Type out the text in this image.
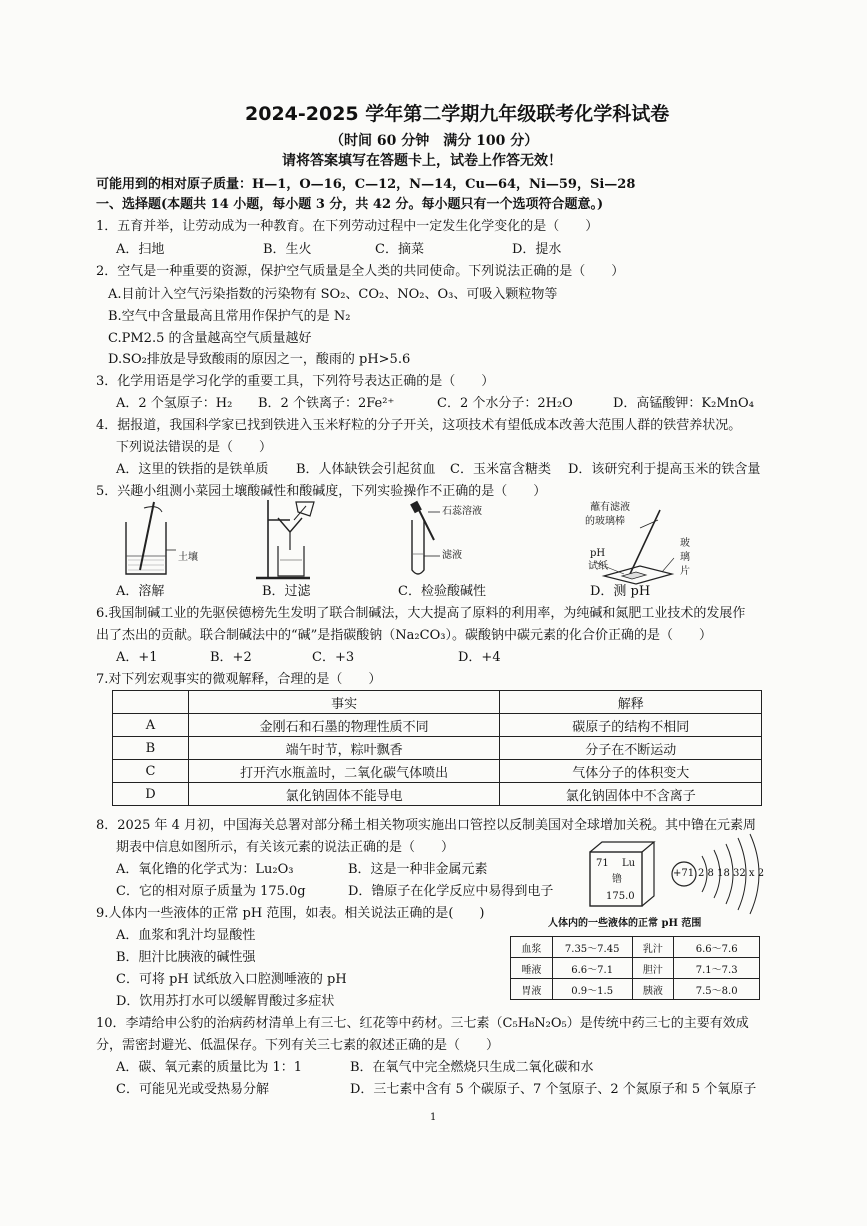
2024-2025 学年第二学期九年级联考化学科试卷
（时间 60 分钟　满分 100 分）
请将答案填写在答题卡上，试卷上作答无效！
可能用到的相对原子质量：H—1，O—16，C—12，N—14，Cu—64，Ni—59，Si—28
一、选择题(本题共 14 小题，每小题 3 分，共 42 分。每小题只有一个选项符合题意。)
1．五育并举，让劳动成为一种教育。在下列劳动过程中一定发生化学变化的是（　　）
A．扫地	B．生火	C．摘菜	D．提水
2．空气是一种重要的资源，保护空气质量是全人类的共同使命。下列说法正确的是（　　）
A.目前计入空气污染指数的污染物有 SO₂、CO₂、NO₂、O₃、可吸入颗粒物等
B.空气中含量最高且常用作保护气的是 N₂
C.PM2.5 的含量越高空气质量越好
D.SO₂排放是导致酸雨的原因之一，酸雨的 pH>5.6
3．化学用语是学习化学的重要工具，下列符号表达正确的是（　　）
A．2 个氢原子：H₂ B．2 个铁离子：2Fe²⁺	C．2 个水分子：2H₂O	D．高锰酸钾：K₂MnO₄
4．据报道，我国科学家已找到铁进入玉米籽粒的分子开关，这项技术有望低成本改善大范围人群的铁营养状况。
下列说法错误的是（　　）
A．这里的铁指的是铁单质 B．人体缺铁会引起贫血 C．玉米富含糖类 D．该研究利于提高玉米的铁含量
5．兴趣小组测小菜园土壤酸碱性和酸碱度，下列实验操作不正确的是（　　）
土壤
石蕊溶液
滤液
蘸有滤液
的玻璃棒
pH
试纸
玻
璃
片
A．溶解	B．过滤	C．检验酸碱性	D．测 pH
6.我国制碱工业的先驱侯德榜先生发明了联合制碱法，大大提高了原料的利用率，为纯碱和氮肥工业技术的发展作
出了杰出的贡献。联合制碱法中的“碱”是指碳酸钠（Na₂CO₃）。碳酸钠中碳元素的化合价正确的是（　　）
A．+1	B．+2	C．+3	D．+4
7.对下列宏观事实的微观解释，合理的是（　　）
	事实	解释
A	金刚石和石墨的物理性质不同	碳原子的结构不相同
B	端午时节，粽叶飘香	分子在不断运动
C	打开汽水瓶盖时，二氧化碳气体喷出	气体分子的体积变大
D	氯化钠固体不能导电	氯化钠固体中不含离子
8．2025 年 4 月初，中国海关总署对部分稀土相关物项实施出口管控以反制美国对全球增加关税。其中镥在元素周
期表中信息如图所示，有关该元素的说法正确的是（　　）
A．氧化镥的化学式为：Lu₂O₃	B．这是一种非金属元素
C．它的相对原子质量为 175.0g	D．镥原子在化学反应中易得到电子
71 Lu
镥
175.0
+71 2 8 18 32 x 2
9.人体内一些液体的正常 pH 范围，如表。相关说法正确的是(　　)
A．血浆和乳汁均显酸性
B．胆汁比胰液的碱性强
C．可将 pH 试纸放入口腔测唾液的 pH
D．饮用苏打水可以缓解胃酸过多症状
人体内的一些液体的正常 pH 范围
血浆	7.35～7.45	乳汁	6.6～7.6
唾液	6.6～7.1	胆汁	7.1～7.3
胃液	0.9～1.5	胰液	7.5～8.0
10．李靖给申公豹的治病药材清单上有三七、红花等中药材。三七素（C₅H₈N₂O₅）是传统中药三七的主要有效成
分，需密封避光、低温保存。下列有关三七素的叙述正确的是（　　）
A．碳、氧元素的质量比为 1：1	B．在氧气中完全燃烧只生成二氧化碳和水
C．可能见光或受热易分解	D．三七素中含有 5 个碳原子、7 个氢原子、2 个氮原子和 5 个氧原子
1
